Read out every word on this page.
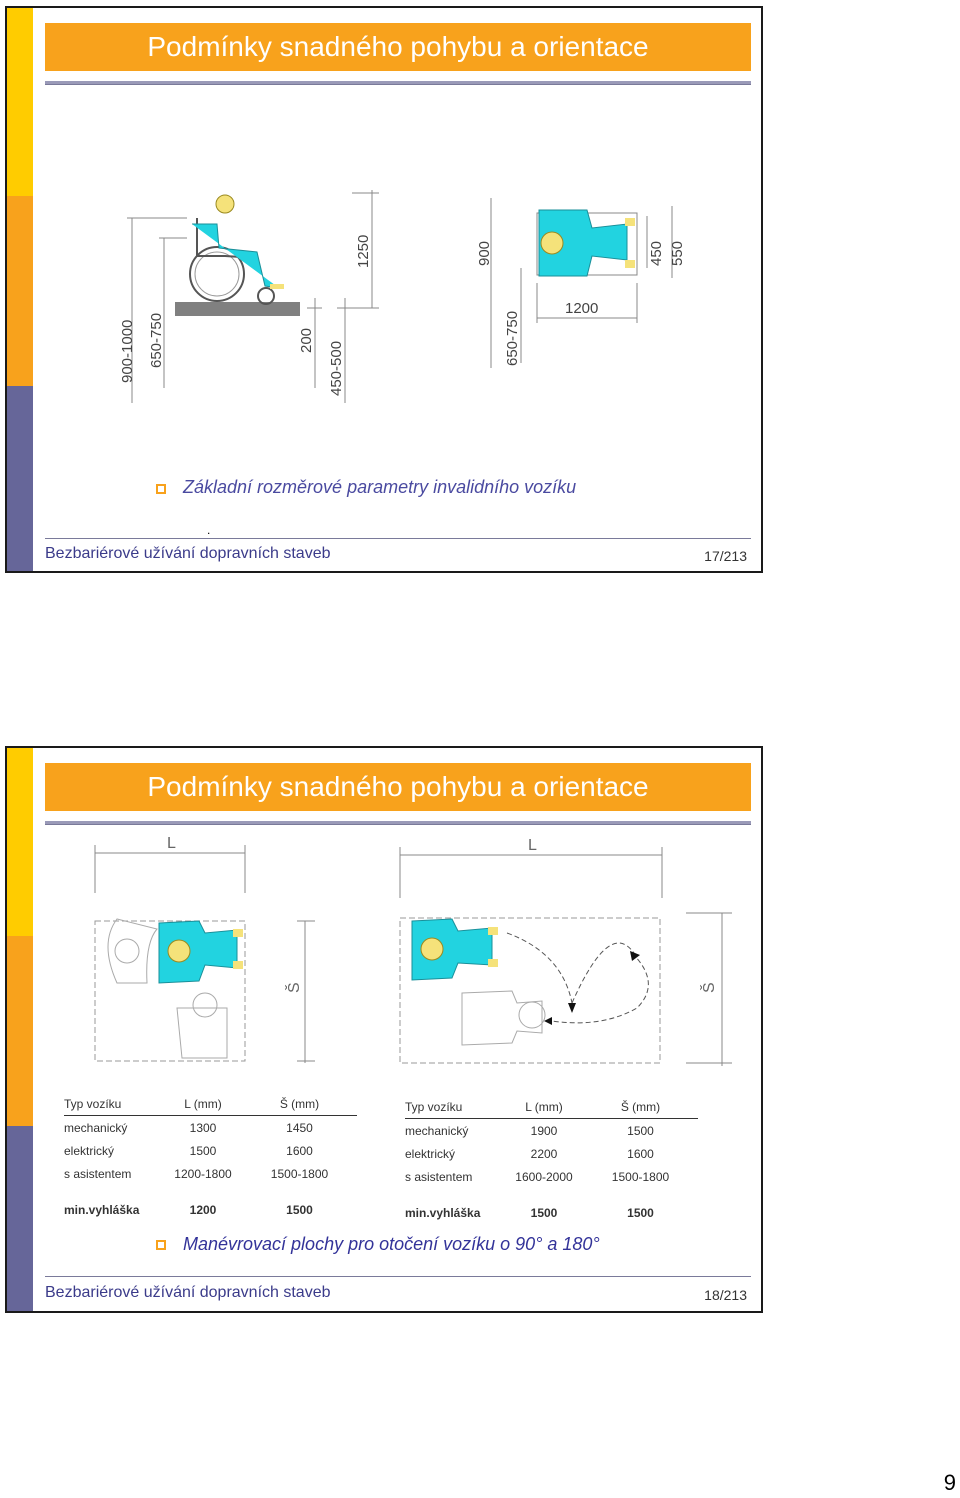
Podmínky snadného pohybu a orientace
900-1000 650-750	200
450-500
1250	900
650-750
450 550
1200
Základní rozměrové parametry invalidního vozíku
.
Bezbariérové užívání dopravních staveb	17/213
Podmínky snadného pohybu a orientace
L
Š
L
Š
Typ vozíku	L (mm)	Š (mm)
mechanický	1300	1450
elektrický	1500	1600
s asistentem	1200-1800	1500-1800
min.vyhláška	1200	1500
Typ vozíku	L (mm)	Š (mm)
mechanický	1900	1500
elektrický	2200	1600
s asistentem	1600-2000	1500-1800
min.vyhláška	1500	1500
Manévrovací plochy pro otočení vozíku o 90° a 180°
Bezbariérové užívání dopravních staveb	18/213
9
